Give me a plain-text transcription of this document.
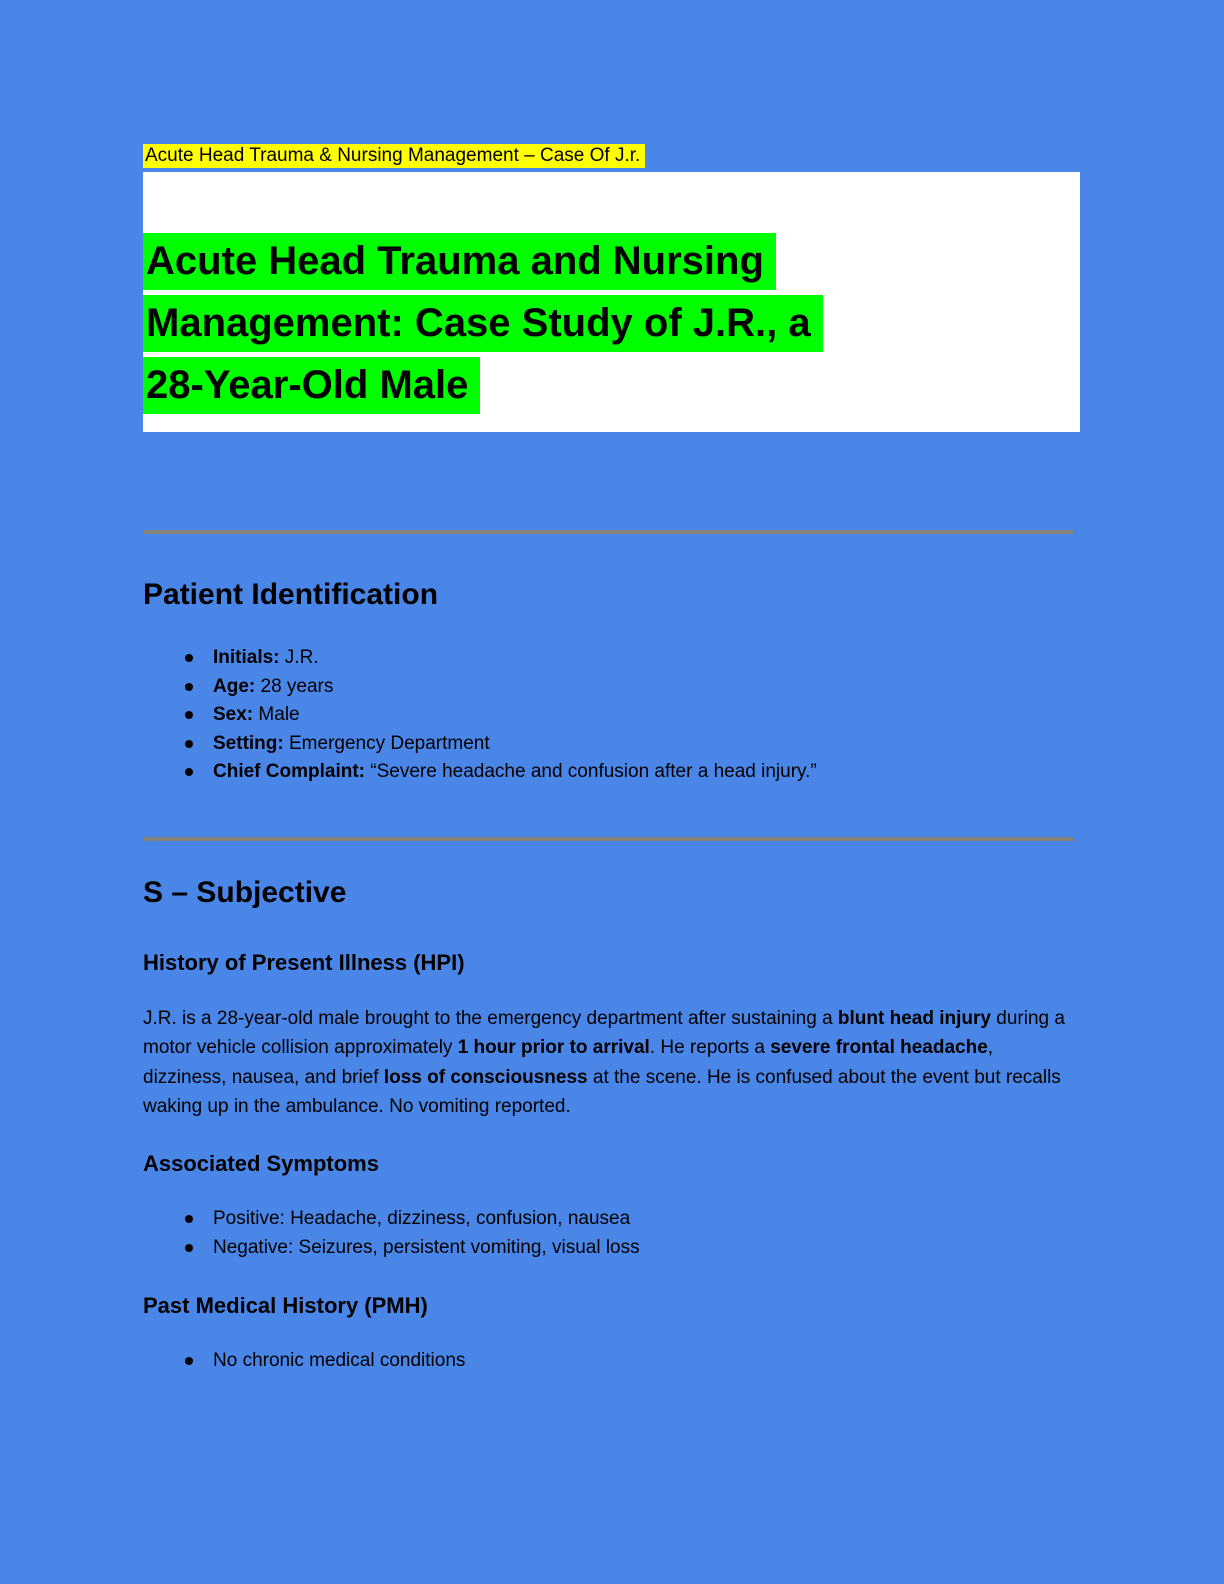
Acute Head Trauma & Nursing Management – Case Of J.r.
Acute Head Trauma and Nursing
Management: Case Study of J.R., a
28-Year-Old Male
Patient Identification
Initials: J.R.
Age: 28 years
Sex: Male
Setting: Emergency Department
Chief Complaint: “Severe headache and confusion after a head injury.”
S – Subjective
History of Present Illness (HPI)
J.R. is a 28-year-old male brought to the emergency department after sustaining a blunt head injury during a motor vehicle collision approximately 1 hour prior to arrival. He reports a severe frontal headache, dizziness, nausea, and brief loss of consciousness at the scene. He is confused about the event but recalls waking up in the ambulance. No vomiting reported.
Associated Symptoms
Positive: Headache, dizziness, confusion, nausea
Negative: Seizures, persistent vomiting, visual loss
Past Medical History (PMH)
No chronic medical conditions
